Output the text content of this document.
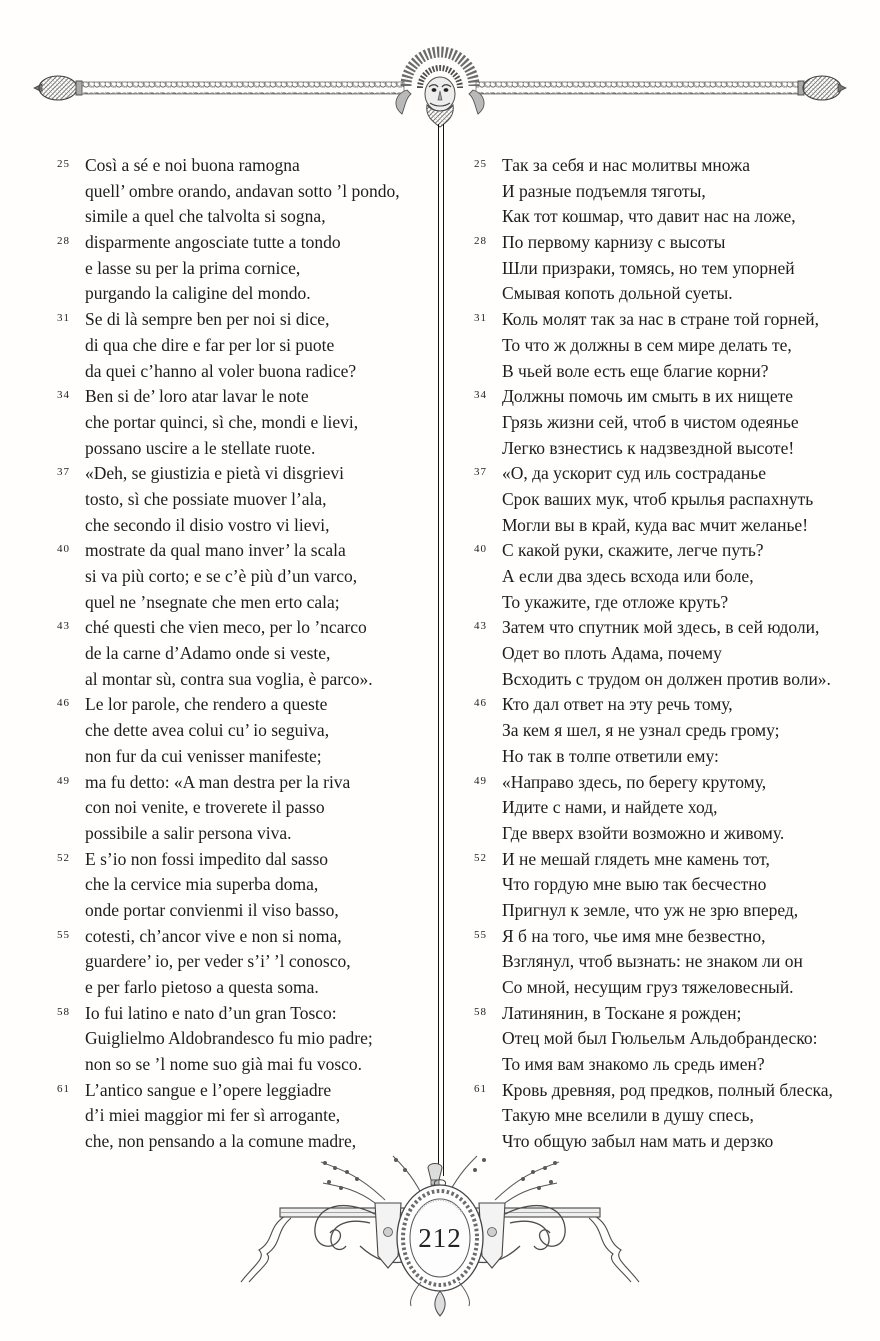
25 Così a sé e noi buona ramogna
quell’ ombre orando, andavan sotto ’l pondo,
simile a quel che talvolta si sogna,
28 disparmente angosciate tutte a tondo
e lasse su per la prima cornice,
purgando la caligine del mondo.
31 Se di là sempre ben per noi si dice,
di qua che dire e far per lor si puote
da quei c’hanno al voler buona radice?
34 Ben si de’ loro atar lavar le note
che portar quinci, sì che, mondi e lievi,
possano uscire a le stellate ruote.
37 «Deh, se giustizia e pietà vi disgrievi
tosto, sì che possiate muover l’ala,
che secondo il disio vostro vi lievi,
40 mostrate da qual mano inver’ la scala
si va più corto; e se c’è più d’un varco,
quel ne ’nsegnate che men erto cala;
43 ché questi che vien meco, per lo ’ncarco
de la carne d’Adamo onde si veste,
al montar sù, contra sua voglia, è parco».
46 Le lor parole, che rendero a queste
che dette avea colui cu’ io seguiva,
non fur da cui venisser manifeste;
49 ma fu detto: «A man destra per la riva
con noi venite, e troverete il passo
possibile a salir persona viva.
52 E s’io non fossi impedito dal sasso
che la cervice mia superba doma,
onde portar convienmi il viso basso,
55 cotesti, ch’ancor vive e non si noma,
guardere’ io, per veder s’i’ ’l conosco,
e per farlo pietoso a questa soma.
58 Io fui latino e nato d’un gran Tosco:
Guiglielmo Aldobrandesco fu mio padre;
non so se ’l nome suo già mai fu vosco.
61 L’antico sangue e l’opere leggiadre
d’i miei maggior mi fer sì arrogante,
che, non pensando a la comune madre,
25 Так за себя и нас молитвы множа
И разные подъемля тяготы,
Как тот кошмар, что давит нас на ложе,
28 По первому карнизу с высоты
Шли призраки, томясь, но тем упорней
Смывая копоть дольной суеты.
31 Коль молят так за нас в стране той горней,
То что ж должны в сем мире делать те,
В чьей воле есть еще благие корни?
34 Должны помочь им смыть в их нищете
Грязь жизни сей, чтоб в чистом одеянье
Легко взнестись к надзвездной высоте!
37 «О, да ускорит суд иль состраданье
Срок ваших мук, чтоб крылья распахнуть
Могли вы в край, куда вас мчит желанье!
40 С какой руки, скажите, легче путь?
А если два здесь всхода или боле,
То укажите, где отложе круть?
43 Затем что спутник мой здесь, в сей юдоли,
Одет во плоть Адама, почему
Всходить с трудом он должен против воли».
46 Кто дал ответ на эту речь тому,
За кем я шел, я не узнал средь грому;
Но так в толпе ответили ему:
49 «Направо здесь, по берегу крутому,
Идите с нами, и найдете ход,
Где вверх взойти возможно и живому.
52 И не мешай глядеть мне камень тот,
Что гордую мне выю так бесчестно
Пригнул к земле, что уж не зрю вперед,
55 Я б на того, чье имя мне безвестно,
Взглянул, чтоб вызнать: не знаком ли он
Со мной, несущим груз тяжеловесный.
58 Латинянин, в Тоскане я рожден;
Отец мой был Гюльельм Альдобрандеско:
То имя вам знакомо ль средь имен?
61 Кровь древняя, род предков, полный блеска,
Такую мне вселили в душу спесь,
Что общую забыл нам мать и дерзко
212
